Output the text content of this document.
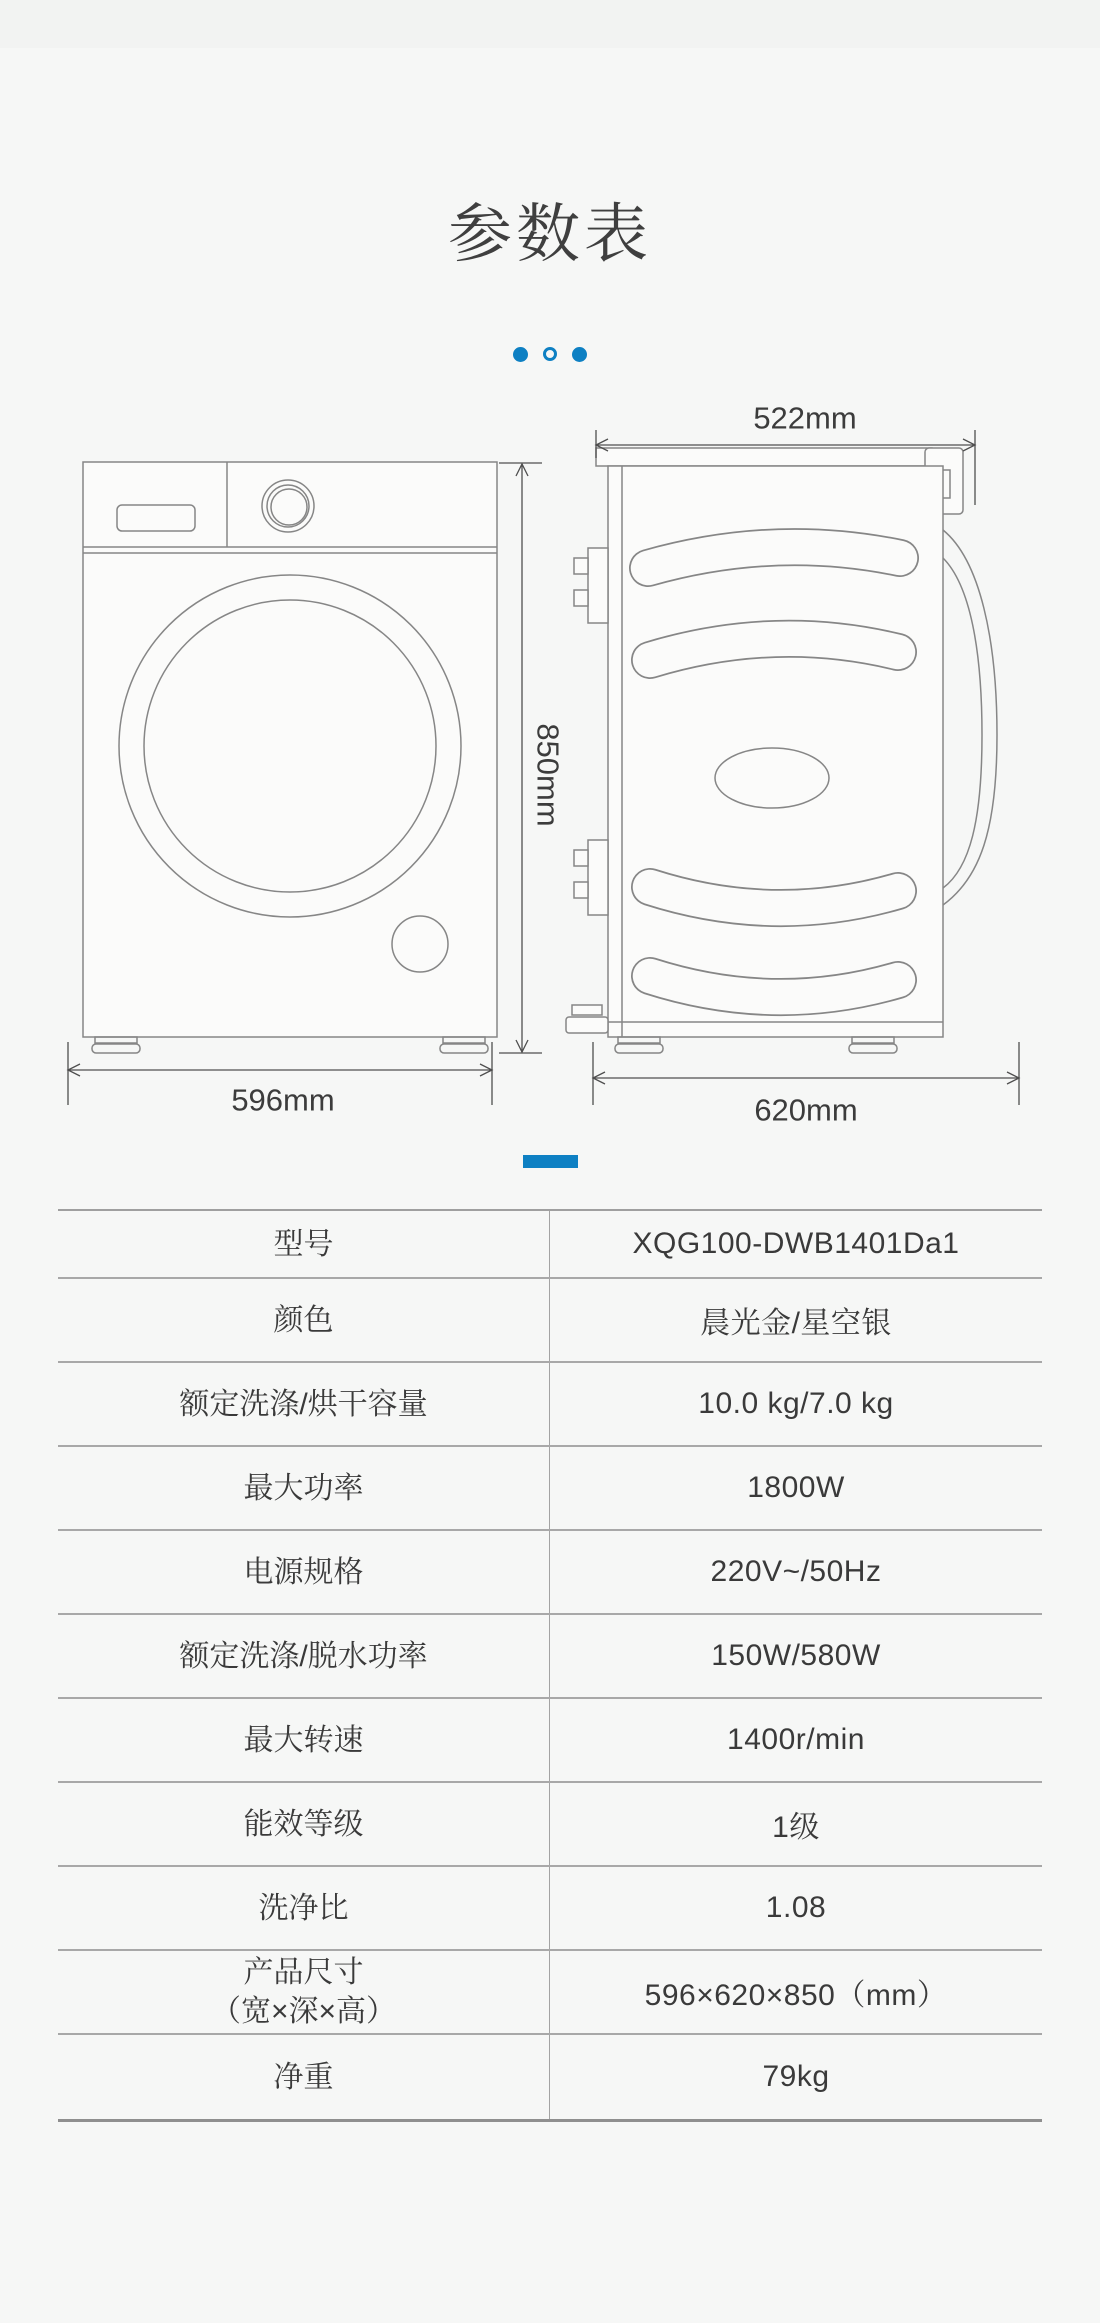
参数表
850mm
596mm
522mm
620mm
型号	XQG100-DWB1401Da1
颜色	晨光金/星空银
额定洗涤/烘干容量	10.0 kg/7.0 kg
最大功率	1800W
电源规格	220V~/50Hz
额定洗涤/脱水功率	150W/580W
最大转速	1400r/min
能效等级	1级
洗净比	1.08
产品尺寸
（宽×深×高）	596×620×850（mm）
净重	79kg
